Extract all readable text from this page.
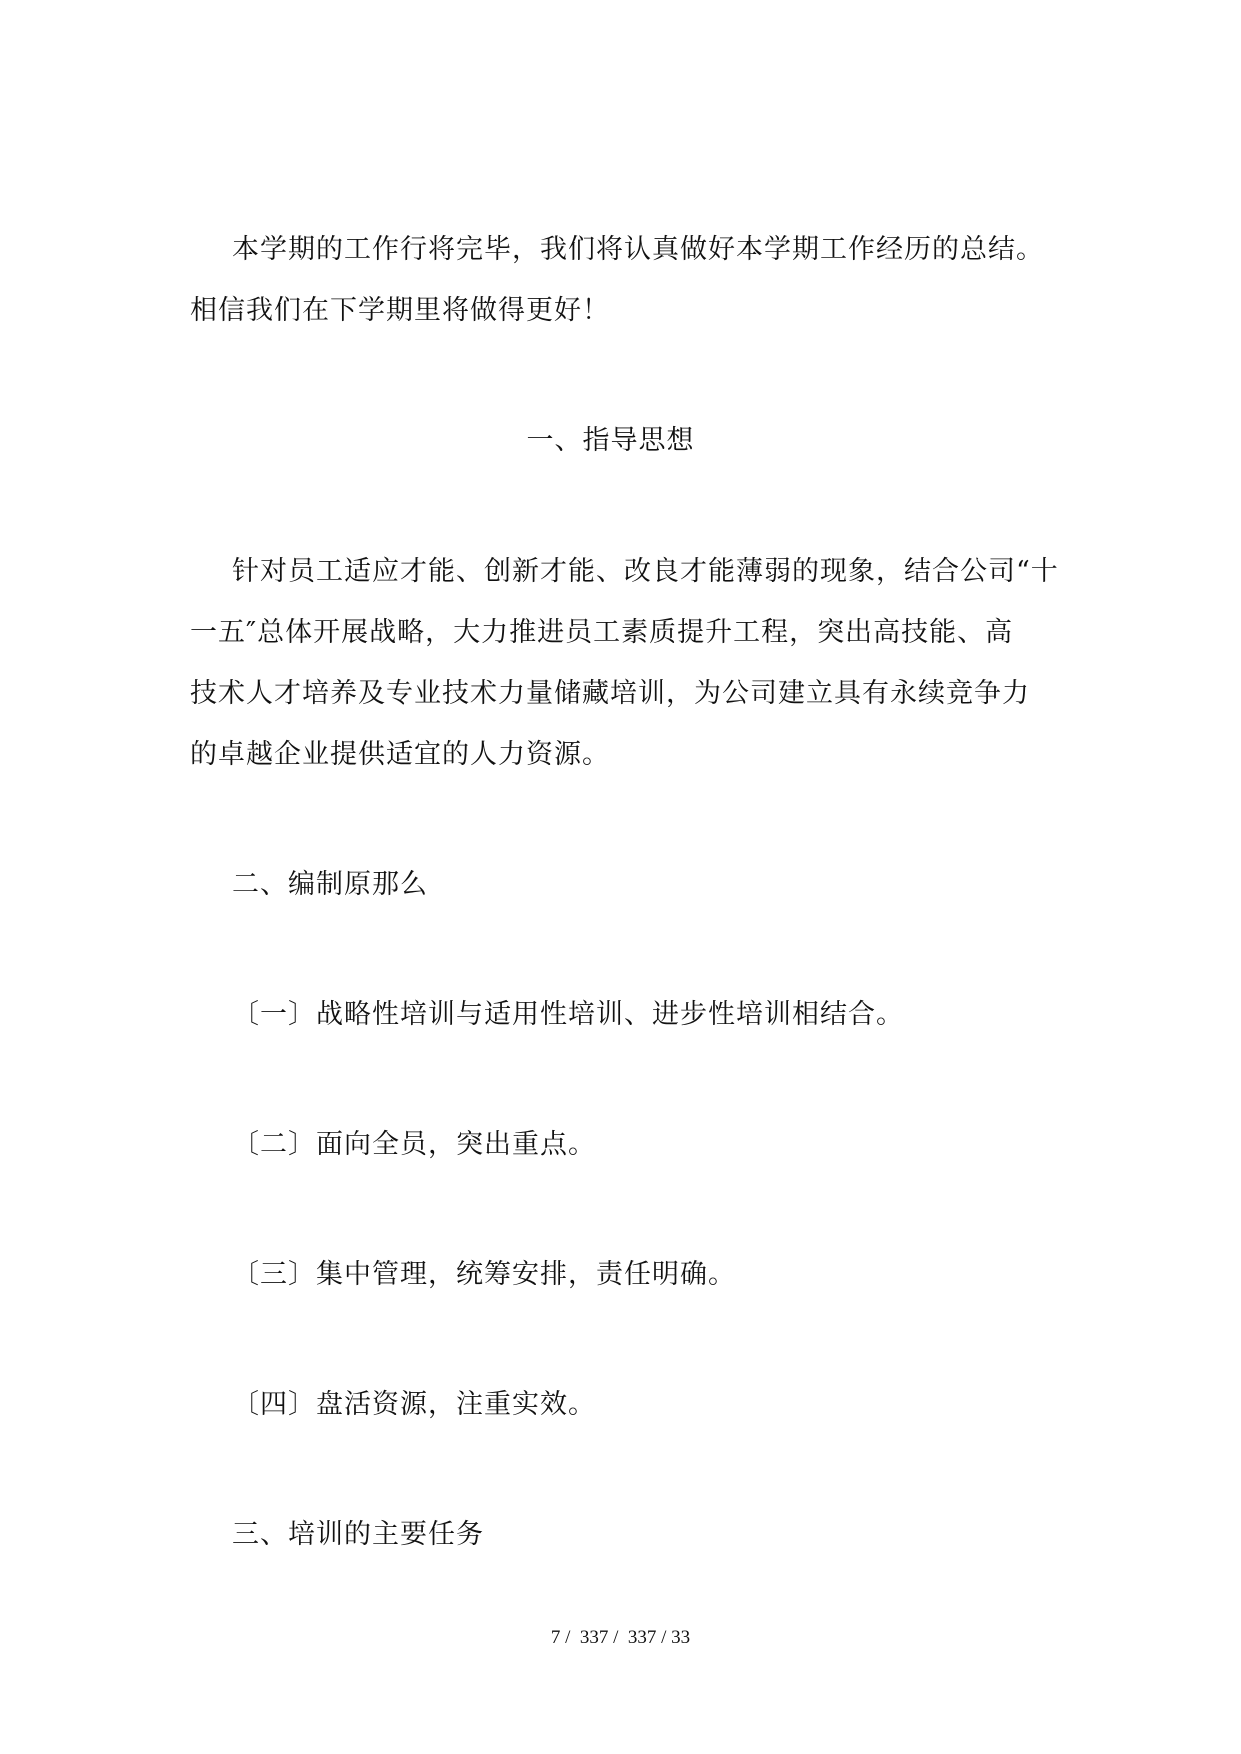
本学期的工作行将完毕，我们将认真做好本学期工作经历的总结。
相信我们在下学期里将做得更好！
一、指导思想
针对员工适应才能、创新才能、改良才能薄弱的现象，结合公司“十
一五″总体开展战略，大力推进员工素质提升工程，突出高技能、高
技术人才培养及专业技术力量储藏培训，为公司建立具有永续竞争力
的卓越企业提供适宜的人力资源。
二、编制原那么
〔一〕战略性培训与适用性培训、进步性培训相结合。
〔二〕面向全员，突出重点。
〔三〕集中管理，统筹安排，责任明确。
〔四〕盘活资源，注重实效。
三、培训的主要任务
7 /  337 /  337 / 33
